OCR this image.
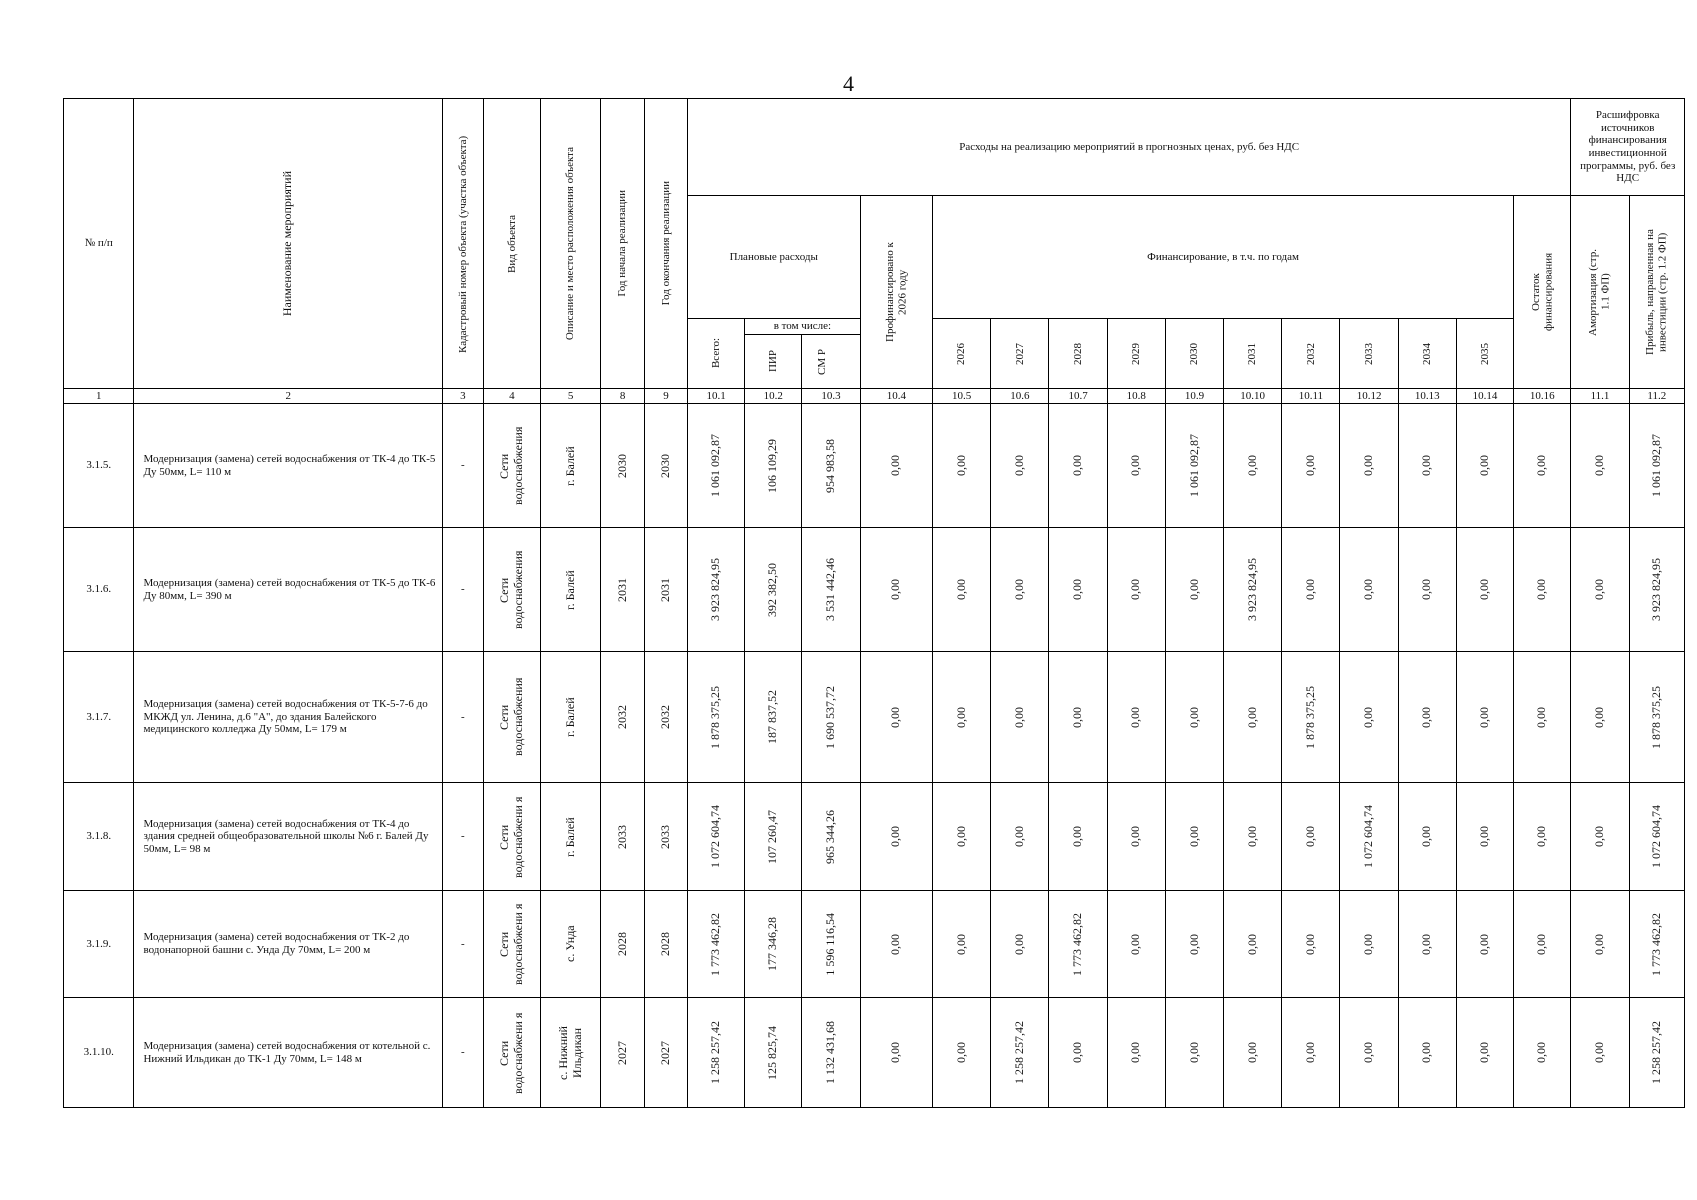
4
№ п/п	Наименование мероприятий	Кадастровый номер объекта (участка объекта)	Вид объекта	Описание и место расположения объекта	Год начала реализации	Год окончания реализации	Расходы на реализацию мероприятий в прогнозных ценах, руб. без НДС															Расшифровка источников финансирования инвестиционной программы, руб. без НДС	
							Плановые расходы			Профинансировано к 2026 году	Финансирование, в т.ч. по годам										Остаток финансирования	Амортизация (стр. 1.1 ФП)	Прибыль, направленная на инвестиции (стр. 1.2 ФП)

							Всего:	в том числе:			2026	2027	2028	2029	2030	2031	2032	2033	2034	2035			

								ПИР	СМ Р														

1	2	3	4	5	8	9	10.1	10.2	10.3	10.4	10.5	10.6	10.7	10.8	10.9	10.10	10.11	10.12	10.13	10.14	10.16	11.1	11.2
3.1.5.	Модернизация (замена) сетей водоснабжения от ТК-4 до ТК-5 Ду 50мм, L= 110 м	-	Сети водоснабжения	г. Балей	2030	2030	1 061 092,87	106 109,29	954 983,58	0,00	0,00	0,00	0,00	0,00	1 061 092,87	0,00	0,00	0,00	0,00	0,00	0,00	0,00	1 061 092,87

3.1.6.	Модернизация (замена) сетей водоснабжения от ТК-5 до ТК-6 Ду 80мм, L= 390 м	-	Сети водоснабжения	г. Балей	2031	2031	3 923 824,95	392 382,50	3 531 442,46	0,00	0,00	0,00	0,00	0,00	0,00	3 923 824,95	0,00	0,00	0,00	0,00	0,00	0,00	3 923 824,95

3.1.7.	Модернизация (замена) сетей водоснабжения от ТК-5-7-6 до МКЖД ул. Ленина, д.6 "А", до здания Балейского медицинского колледжа Ду 50мм, L= 179 м	-	Сети водоснабжения	г. Балей	2032	2032	1 878 375,25	187 837,52	1 690 537,72	0,00	0,00	0,00	0,00	0,00	0,00	0,00	1 878 375,25	0,00	0,00	0,00	0,00	0,00	1 878 375,25

3.1.8.	Модернизация (замена) сетей водоснабжения от ТК-4 до здания средней общеобразовательной школы №6 г. Балей Ду 50мм, L= 98 м	-	Сети водоснабжени я	г. Балей	2033	2033	1 072 604,74	107 260,47	965 344,26	0,00	0,00	0,00	0,00	0,00	0,00	0,00	0,00	1 072 604,74	0,00	0,00	0,00	0,00	1 072 604,74

3.1.9.	Модернизация (замена) сетей водоснабжения от ТК-2 до водонапорной башни с. Унда Ду 70мм, L= 200 м	-	Сети водоснабжени я	с. Унда	2028	2028	1 773 462,82	177 346,28	1 596 116,54	0,00	0,00	0,00	1 773 462,82	0,00	0,00	0,00	0,00	0,00	0,00	0,00	0,00	0,00	1 773 462,82

3.1.10.	Модернизация (замена) сетей водоснабжения от котельной с. Нижний Ильдикан до ТК-1 Ду 70мм, L= 148 м	-	Сети водоснабжени я	с. Нижний Ильдикан	2027	2027	1 258 257,42	125 825,74	1 132 431,68	0,00	0,00	1 258 257,42	0,00	0,00	0,00	0,00	0,00	0,00	0,00	0,00	0,00	0,00	1 258 257,42
